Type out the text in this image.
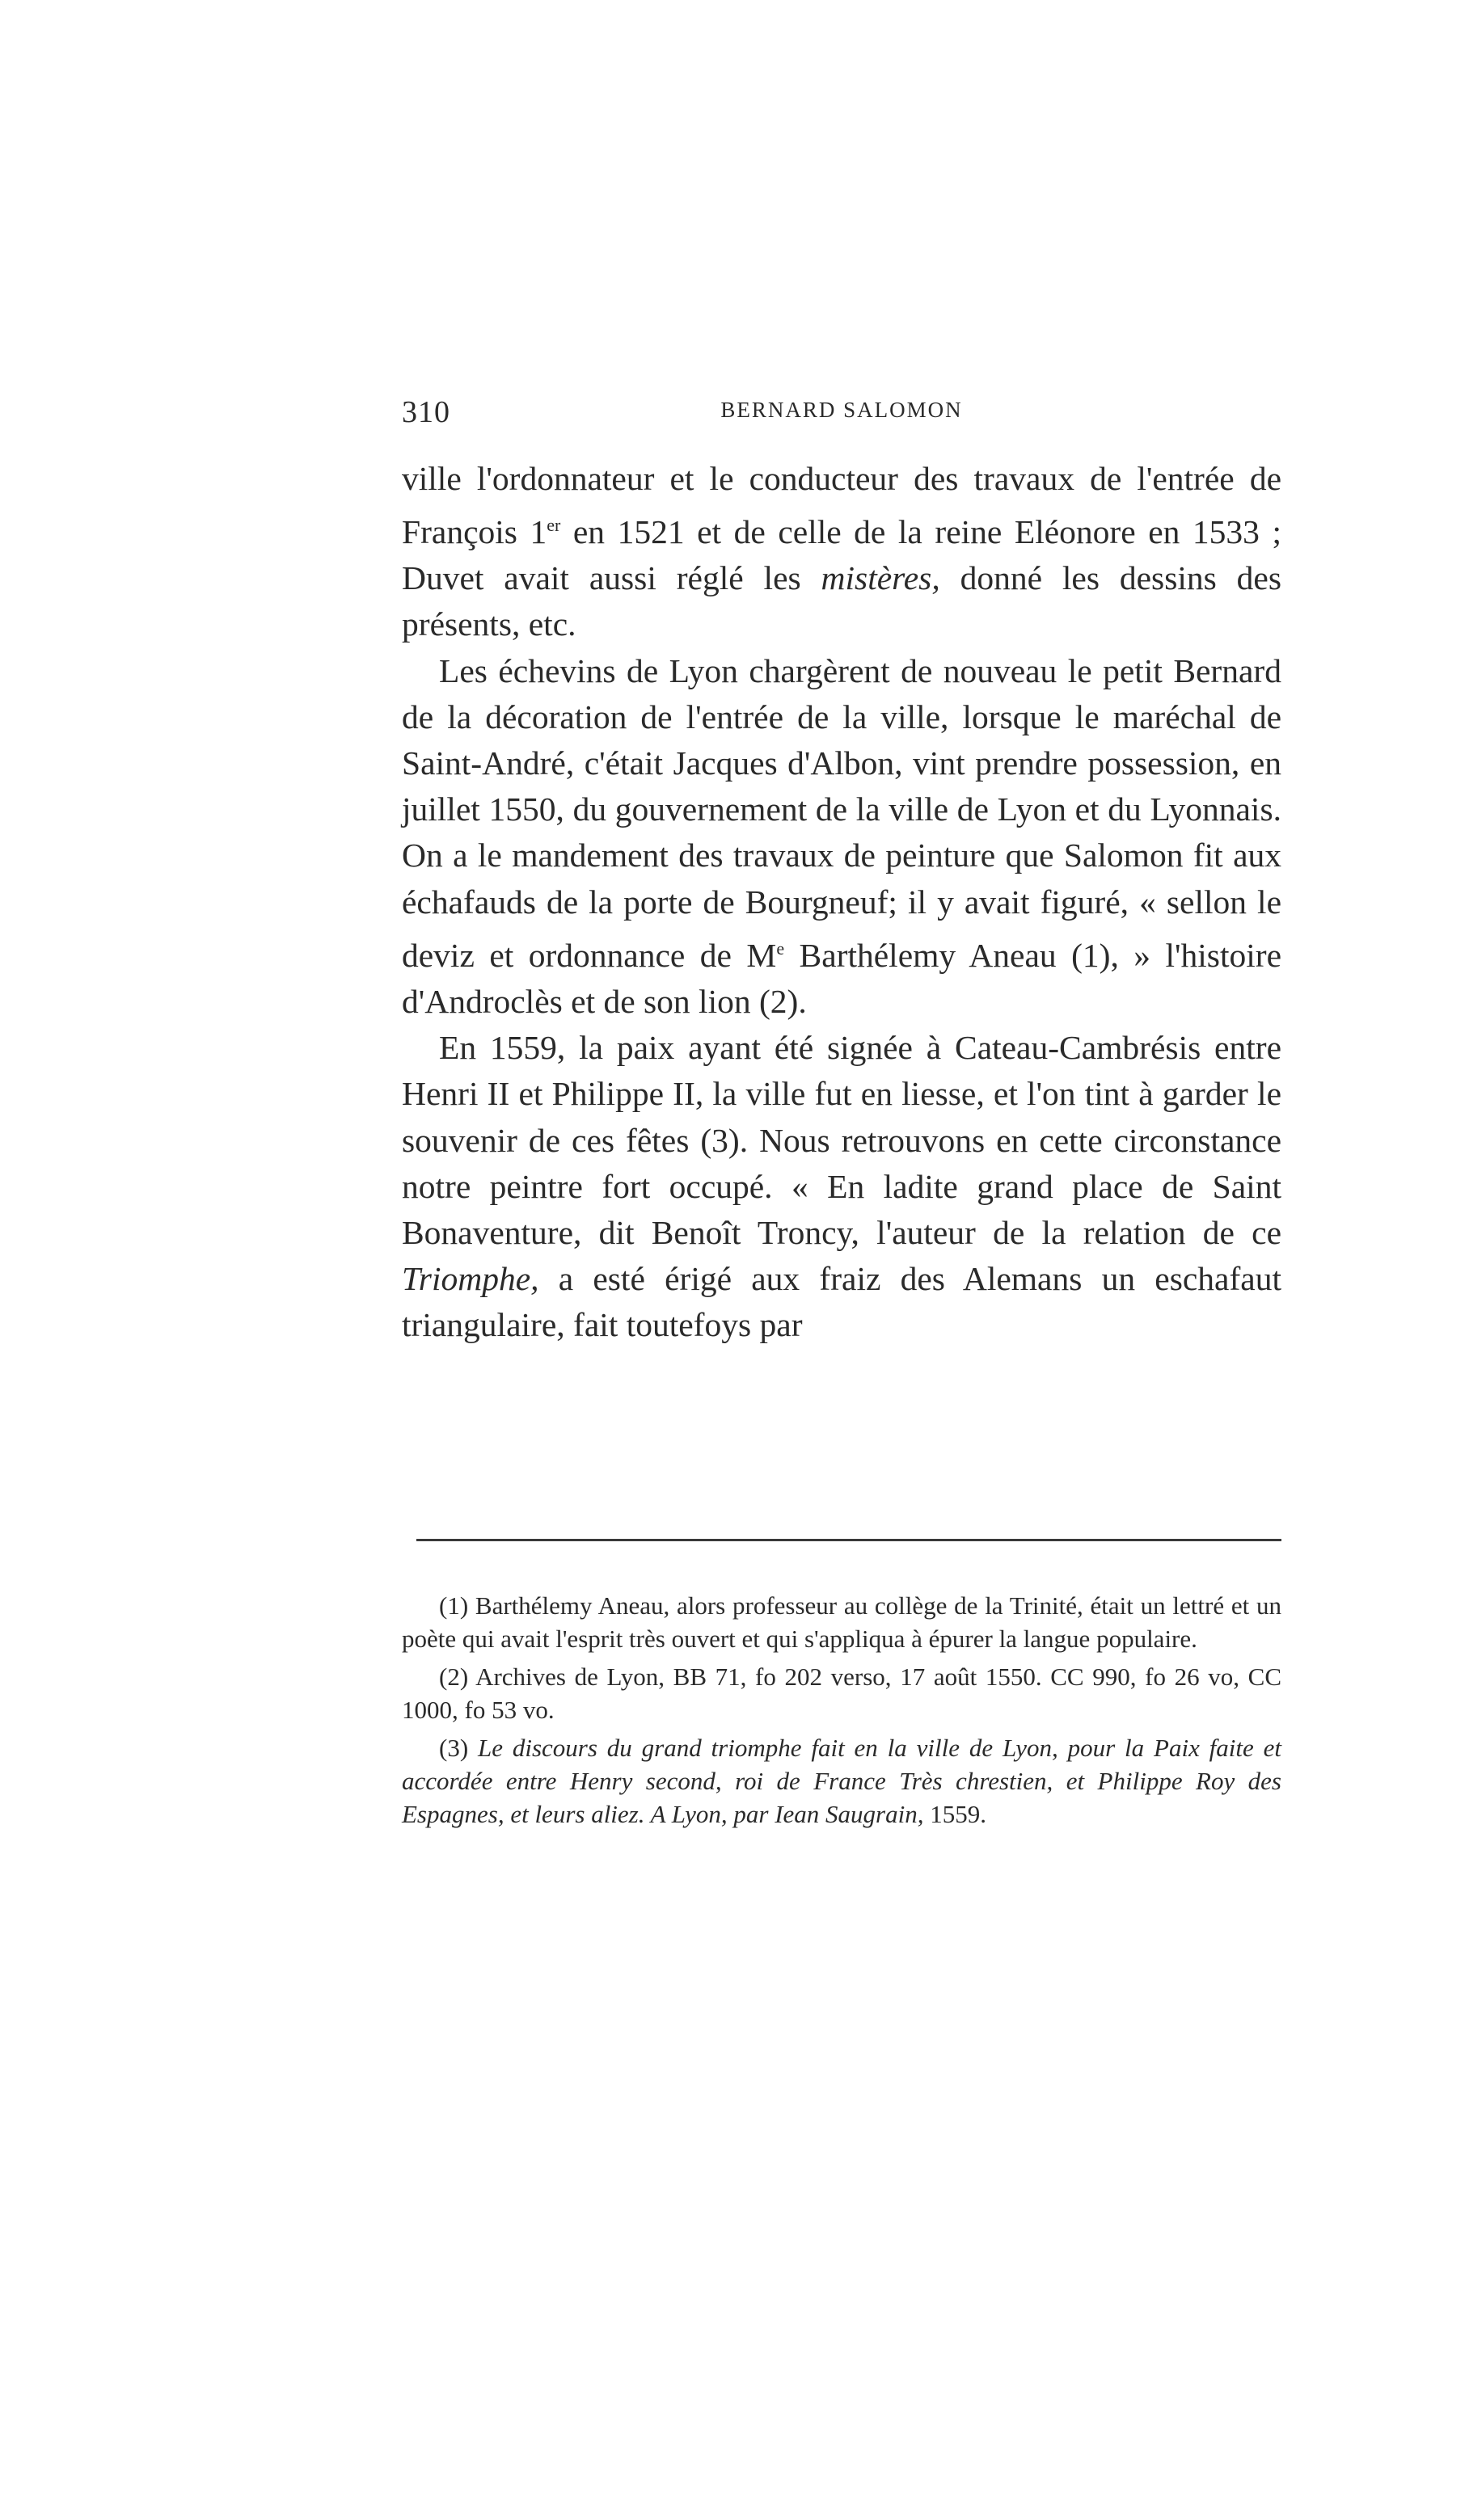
310	BERNARD SALOMON

ville l'ordonnateur et le conducteur des travaux de l'entrée de François 1er en 1521 et de celle de la reine Eléonore en 1533 ; Duvet avait aussi réglé les mistères, donné les dessins des présents, etc.

Les échevins de Lyon chargèrent de nouveau le petit Bernard de la décoration de l'entrée de la ville, lorsque le maréchal de Saint-André, c'était Jacques d'Albon, vint prendre possession, en juillet 1550, du gouvernement de la ville de Lyon et du Lyonnais. On a le mandement des travaux de peinture que Salomon fit aux échafauds de la porte de Bourgneuf; il y avait figuré, « sellon le deviz et ordonnance de Me Barthélemy Aneau (1), » l'histoire d'Androclès et de son lion (2).

En 1559, la paix ayant été signée à Cateau-Cambrésis entre Henri II et Philippe II, la ville fut en liesse, et l'on tint à garder le souvenir de ces fêtes (3). Nous retrouvons en cette circonstance notre peintre fort occupé. « En ladite grand place de Saint Bonaventure, dit Benoît Troncy, l'auteur de la relation de ce Triomphe, a esté érigé aux fraiz des Alemans un eschafaut triangulaire, fait toutefoys par

(1) Barthélemy Aneau, alors professeur au collège de la Trinité, était un lettré et un poète qui avait l'esprit très ouvert et qui s'appliqua à épurer la langue populaire.

(2) Archives de Lyon, BB 71, fo 202 verso, 17 août 1550. CC 990, fo 26 vo, CC 1000, fo 53 vo.

(3) Le discours du grand triomphe fait en la ville de Lyon, pour la Paix faite et accordée entre Henry second, roi de France Très chrestien, et Philippe Roy des Espagnes, et leurs aliez. A Lyon, par Iean Saugrain, 1559.
